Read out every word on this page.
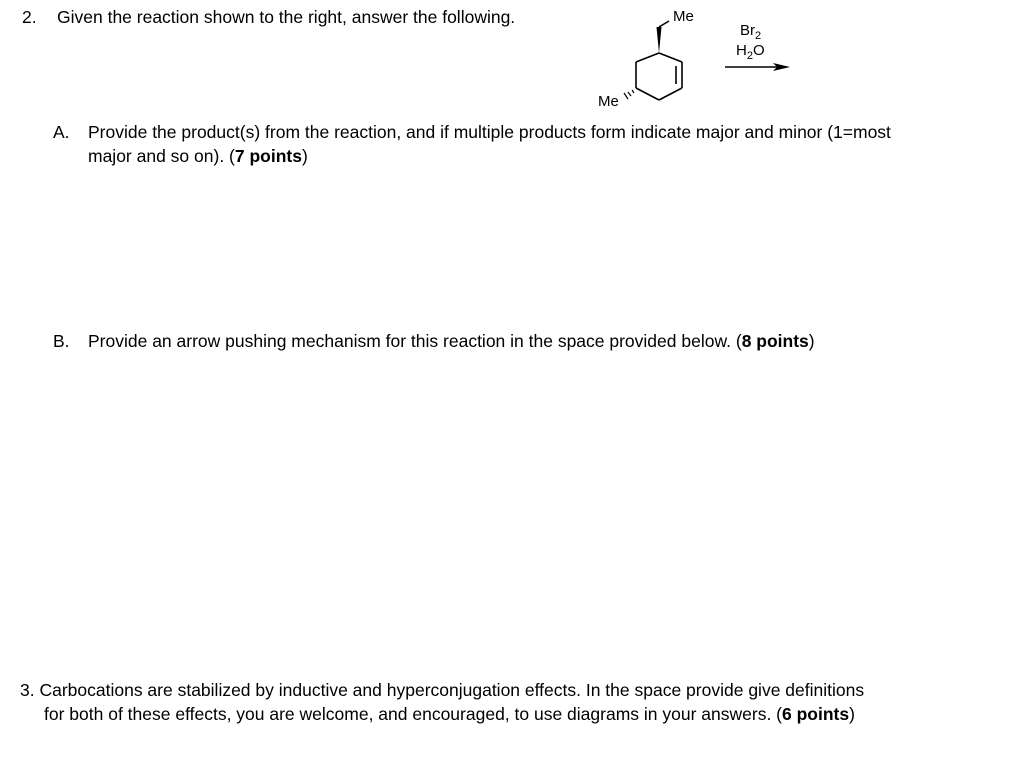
2. Given the reaction shown to the right, answer the following.	Me
Me
$Br_2$
$H_2O$
A. Provide the product(s) from the reaction, and if multiple products form indicate major and minor (1=most
major and so on). (7 points)
B. Provide an arrow pushing mechanism for this reaction in the space provided below. (8 points)
3. Carbocations are stabilized by inductive and hyperconjugation effects. In the space provide give definitions
for both of these effects, you are welcome, and encouraged, to use diagrams in your answers. (6 points)
